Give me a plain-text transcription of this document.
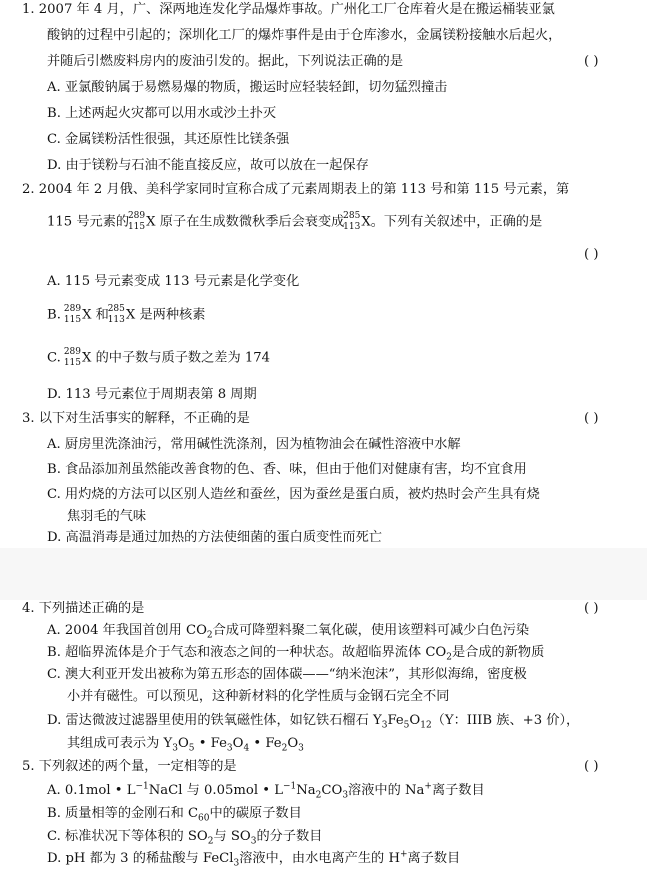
1. 2007 年 4 月，广、深两地连发化学品爆炸事故。广州化工厂仓库着火是在搬运桶装亚氯
酸钠的过程中引起的；深圳化工厂的爆炸事件是由于仓库渗水，金属镁粉接触水后起火，
并随后引燃废料房内的废油引发的。据此，下列说法正确的是	( )
A. 亚氯酸钠属于易燃易爆的物质，搬运时应轻装轻卸，切勿猛烈撞击
B. 上述两起火灾都可以用水或沙土扑灭
C. 金属镁粉活性很强，其还原性比镁条强
D. 由于镁粉与石油不能直接反应，故可以放在一起保存
2. 2004 年 2 月俄、美科学家同时宣称合成了元素周期表上的第 113 号和第 115 号元素，第
115 号元素的
289
115 X 原子在生成数微秋季后会衰变成
285
113 X。下列有关叙述中，正确的是
( )
A. 115 号元素变成 113 号元素是化学变化
B. 289
115 X 和
285
113 X 是两种核素
C. 289
115 X 的中子数与质子数之差为 174
D. 113 号元素位于周期表第 8 周期
3. 以下对生活事实的解释，不正确的是	( )
A. 厨房里洗涤油污，常用碱性洗涤剂，因为植物油会在碱性溶液中水解
B. 食品添加剂虽然能改善食物的色、香、味，但由于他们对健康有害，均不宜食用
C. 用灼烧的方法可以区别人造丝和蚕丝，因为蚕丝是蛋白质，被灼热时会产生具有烧
焦羽毛的气味
D. 高温消毒是通过加热的方法使细菌的蛋白质变性而死亡
4. 下列描述正确的是	( )
A. 2004 年我国首创用 $CO_2$合成可降塑料聚二氧化碳，使用该塑料可减少白色污染
B. 超临界流体是介于气态和液态之间的一种状态。故超临界流体 $CO_2$是合成的新物质
C. 澳大利亚开发出被称为第五形态的固体碳——“纳米泡沫”，其形似海绵，密度极
小并有磁性。可以预见，这种新材料的化学性质与金钢石完全不同
D. 雷达微波过滤器里使用的铁氧磁性体，如钇铁石榴石 $Y_3Fe_5O_{12}(Y$：IIIB 族、+3 价），
其组成可表示为 $Y_3O_5$ • $Fe_3O_4$ • $Fe_2O_3$
5. 下列叙述的两个量，一定相等的是	( )
A. 0.1mol • $L^{-1}NaCl$ 与 0.05mol • $L^{-1}Na_2CO_3$溶液中的 Na+离子数目
B. 质量相等的金刚石和 $C_{60}$中的碳原子数目
C. 标准状况下等体积的 $SO_2$与 $SO_3$的分子数目
D. pH 都为 3 的稀盐酸与 FeCl$_3$溶液中，由水电离产生的 H+离子数目
